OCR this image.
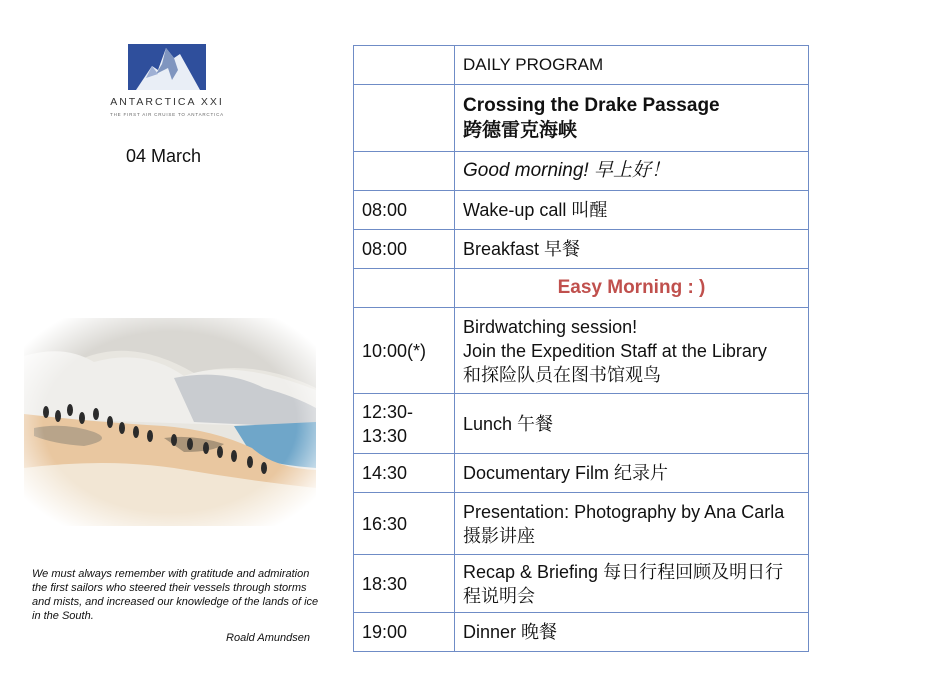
ANTARCTICA XXI
THE FIRST AIR CRUISE TO ANTARCTICA
04 March
We must always remember with gratitude and admiration the first sailors who steered their vessels through storms and mists, and increased our knowledge of the lands of ice in the South.
Roald Amundsen
	DAILY PROGRAM

	Crossing the Drake Passage
跨德雷克海峡

	Good morning! 早上好！
08:00	Wake-up call 叫醒
08:00	Breakfast 早餐
	Easy Morning : )
10:00(*)	Birdwatching session!
Join the Expedition Staff at the Library
和探险队员在图书馆观鸟

12:30-13:30	Lunch 午餐
14:30	Documentary Film 纪录片
16:30	Presentation: Photography by Ana Carla 摄影讲座
18:30	Recap & Briefing 每日行程回顾及明日行程说明会
19:00	Dinner 晚餐
